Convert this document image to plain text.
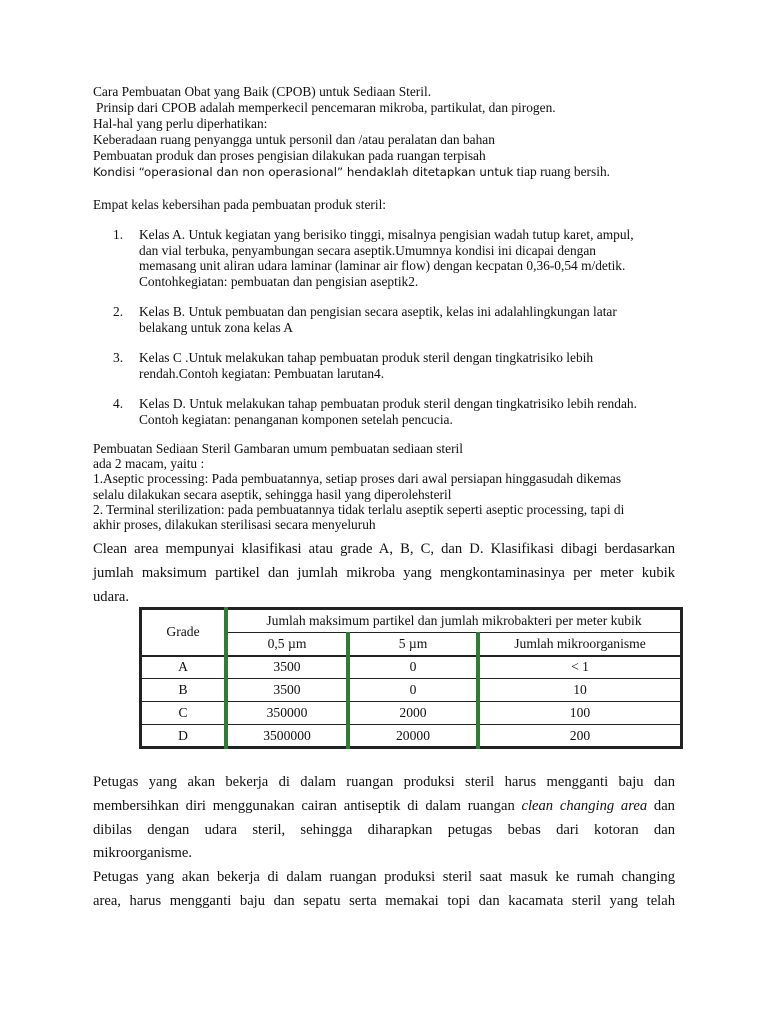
Cara Pembuatan Obat yang Baik (CPOB) untuk Sediaan Steril.
Prinsip dari CPOB adalah memperkecil pencemaran mikroba, partikulat, dan pirogen.
Hal-hal yang perlu diperhatikan:
Keberadaan ruang penyangga untuk personil dan /atau peralatan dan bahan
Pembuatan produk dan proses pengisian dilakukan pada ruangan terpisah
Kondisi “operasional dan non operasional” hendaklah ditetapkan untuk tiap ruang bersih.
Empat kelas kebersihan pada pembuatan produk steril:
1. Kelas A. Untuk kegiatan yang berisiko tinggi, misalnya pengisian wadah tutup karet, ampul,
dan vial terbuka, penyambungan secara aseptik.Umumnya kondisi ini dicapai dengan
memasang unit aliran udara laminar (laminar air flow) dengan kecpatan 0,36-0,54 m/detik.
Contohkegiatan: pembuatan dan pengisian aseptik2.
2. Kelas B. Untuk pembuatan dan pengisian secara aseptik, kelas ini adalahlingkungan latar
belakang untuk zona kelas A
3. Kelas C .Untuk melakukan tahap pembuatan produk steril dengan tingkatrisiko lebih
rendah.Contoh kegiatan: Pembuatan larutan4.
4. Kelas D. Untuk melakukan tahap pembuatan produk steril dengan tingkatrisiko lebih rendah.
Contoh kegiatan: penanganan komponen setelah pencucia.
Pembuatan Sediaan Steril Gambaran umum pembuatan sediaan steril
ada 2 macam, yaitu :
1.Aseptic processing: Pada pembuatannya, setiap proses dari awal persiapan hinggasudah dikemas
selalu dilakukan secara aseptik, sehingga hasil yang diperolehsteril
2. Terminal sterilization: pada pembuatannya tidak terlalu aseptik seperti aseptic processing, tapi di
akhir proses, dilakukan sterilisasi secara menyeluruh
Clean area mempunyai klasifikasi atau grade A, B, C, dan D. Klasifikasi dibagi berdasarkan
jumlah maksimum partikel dan jumlah mikroba yang mengkontaminasinya per meter kubik
udara.
Grade	Jumlah maksimum partikel dan jumlah mikrobakteri per meter kubik		
	0,5 µm	5 µm	Jumlah mikroorganisme
A	3500	0	< 1
B	3500	0	10
C	350000	2000	100
D	3500000	20000	200
Petugas yang akan bekerja di dalam ruangan produksi steril harus mengganti baju dan
membersihkan diri menggunakan cairan antiseptik di dalam ruangan clean changing area dan
dibilas dengan udara steril, sehingga diharapkan petugas bebas dari kotoran dan
mikroorganisme.
Petugas yang akan bekerja di dalam ruangan produksi steril saat masuk ke rumah changing
area, harus mengganti baju dan sepatu serta memakai topi dan kacamata steril yang telah
